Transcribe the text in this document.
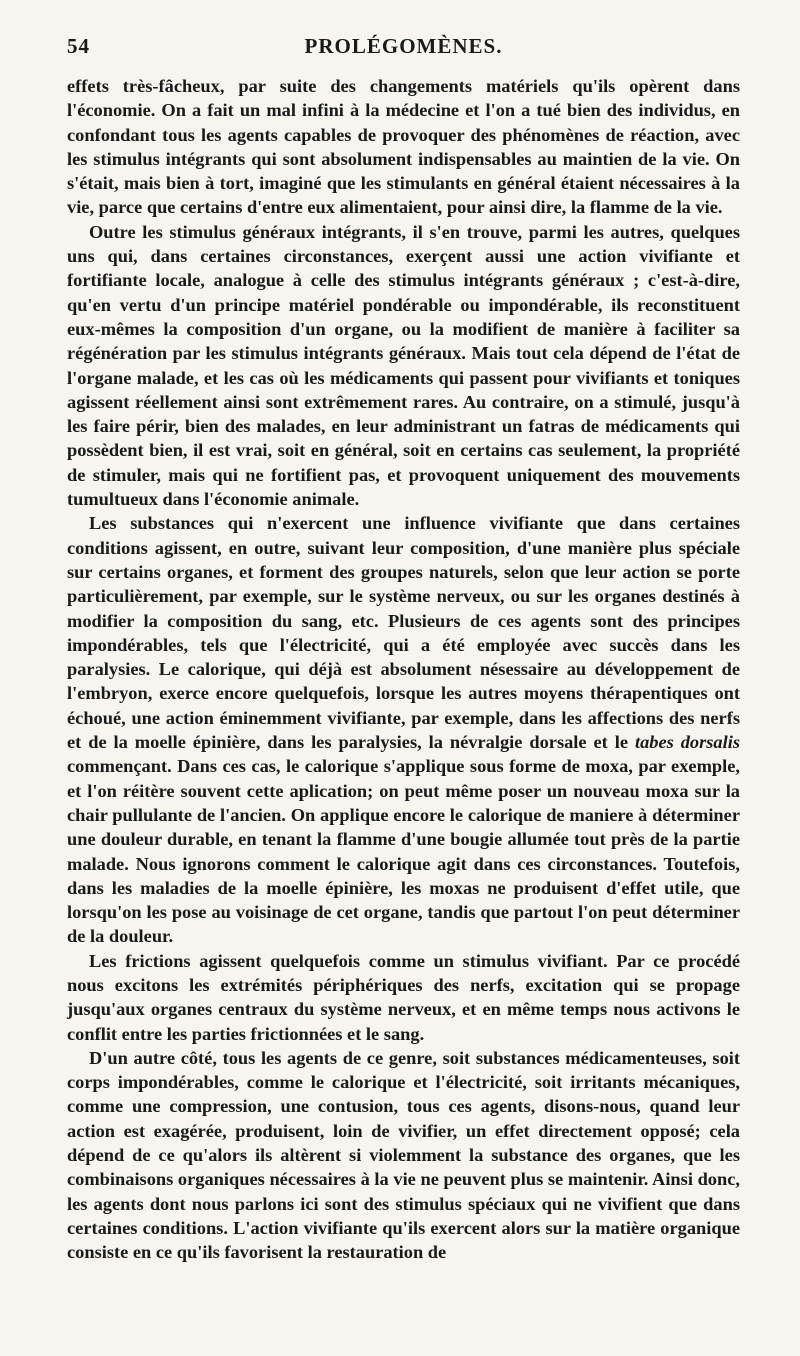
54	PROLÉGOMÈNES.

effets très-fâcheux, par suite des changements matériels qu'ils opèrent dans l'économie. On a fait un mal infini à la médecine et l'on a tué bien des individus, en confondant tous les agents capables de provoquer des phénomènes de réaction, avec les stimulus intégrants qui sont absolument indispensables au maintien de la vie. On s'était, mais bien à tort, imaginé que les stimulants en général étaient nécessaires à la vie, parce que certains d'entre eux alimentaient, pour ainsi dire, la flamme de la vie.

Outre les stimulus généraux intégrants, il s'en trouve, parmi les autres, quelques uns qui, dans certaines circonstances, exerçent aussi une action vivifiante et fortifiante locale, analogue à celle des stimulus intégrants généraux ; c'est-à-dire, qu'en vertu d'un principe matériel pondérable ou impondérable, ils reconstituent eux-mêmes la composition d'un organe, ou la modifient de manière à faciliter sa régénération par les stimulus intégrants généraux. Mais tout cela dépend de l'état de l'organe malade, et les cas où les médicaments qui passent pour vivifiants et toniques agissent réellement ainsi sont extrêmement rares. Au contraire, on a stimulé, jusqu'à les faire périr, bien des malades, en leur administrant un fatras de médicaments qui possèdent bien, il est vrai, soit en général, soit en certains cas seulement, la propriété de stimuler, mais qui ne fortifient pas, et provoquent uniquement des mouvements tumultueux dans l'économie animale.

Les substances qui n'exercent une influence vivifiante que dans certaines conditions agissent, en outre, suivant leur composition, d'une manière plus spéciale sur certains organes, et forment des groupes naturels, selon que leur action se porte particulièrement, par exemple, sur le système nerveux, ou sur les organes destinés à modifier la composition du sang, etc. Plusieurs de ces agents sont des principes impondérables, tels que l'électricité, qui a été employée avec succès dans les paralysies. Le calorique, qui déjà est absolument nésessaire au développement de l'embryon, exerce encore quelquefois, lorsque les autres moyens thérapentiques ont échoué, une action éminemment vivifiante, par exemple, dans les affections des nerfs et de la moelle épinière, dans les paralysies, la névralgie dorsale et le tabes dorsalis commençant. Dans ces cas, le calorique s'applique sous forme de moxa, par exemple, et l'on réitère souvent cette aplication; on peut même poser un nouveau moxa sur la chair pullulante de l'ancien. On applique encore le calorique de maniere à déterminer une douleur durable, en tenant la flamme d'une bougie allumée tout près de la partie malade. Nous ignorons comment le calorique agit dans ces circonstances. Toutefois, dans les maladies de la moelle épinière, les moxas ne produisent d'effet utile, que lorsqu'on les pose au voisinage de cet organe, tandis que partout l'on peut déterminer de la douleur.

Les frictions agissent quelquefois comme un stimulus vivifiant. Par ce procédé nous excitons les extrémités périphériques des nerfs, excitation qui se propage jusqu'aux organes centraux du système nerveux, et en même temps nous activons le conflit entre les parties frictionnées et le sang.

D'un autre côté, tous les agents de ce genre, soit substances médicamenteuses, soit corps impondérables, comme le calorique et l'électricité, soit irritants mécaniques, comme une compression, une contusion, tous ces agents, disons-nous, quand leur action est exagérée, produisent, loin de vivifier, un effet directement opposé; cela dépend de ce qu'alors ils altèrent si violemment la substance des organes, que les combinaisons organiques nécessaires à la vie ne peuvent plus se maintenir. Ainsi donc, les agents dont nous parlons ici sont des stimulus spéciaux qui ne vivifient que dans certaines conditions. L'action vivifiante qu'ils exercent alors sur la matière organique consiste en ce qu'ils favorisent la restauration de
